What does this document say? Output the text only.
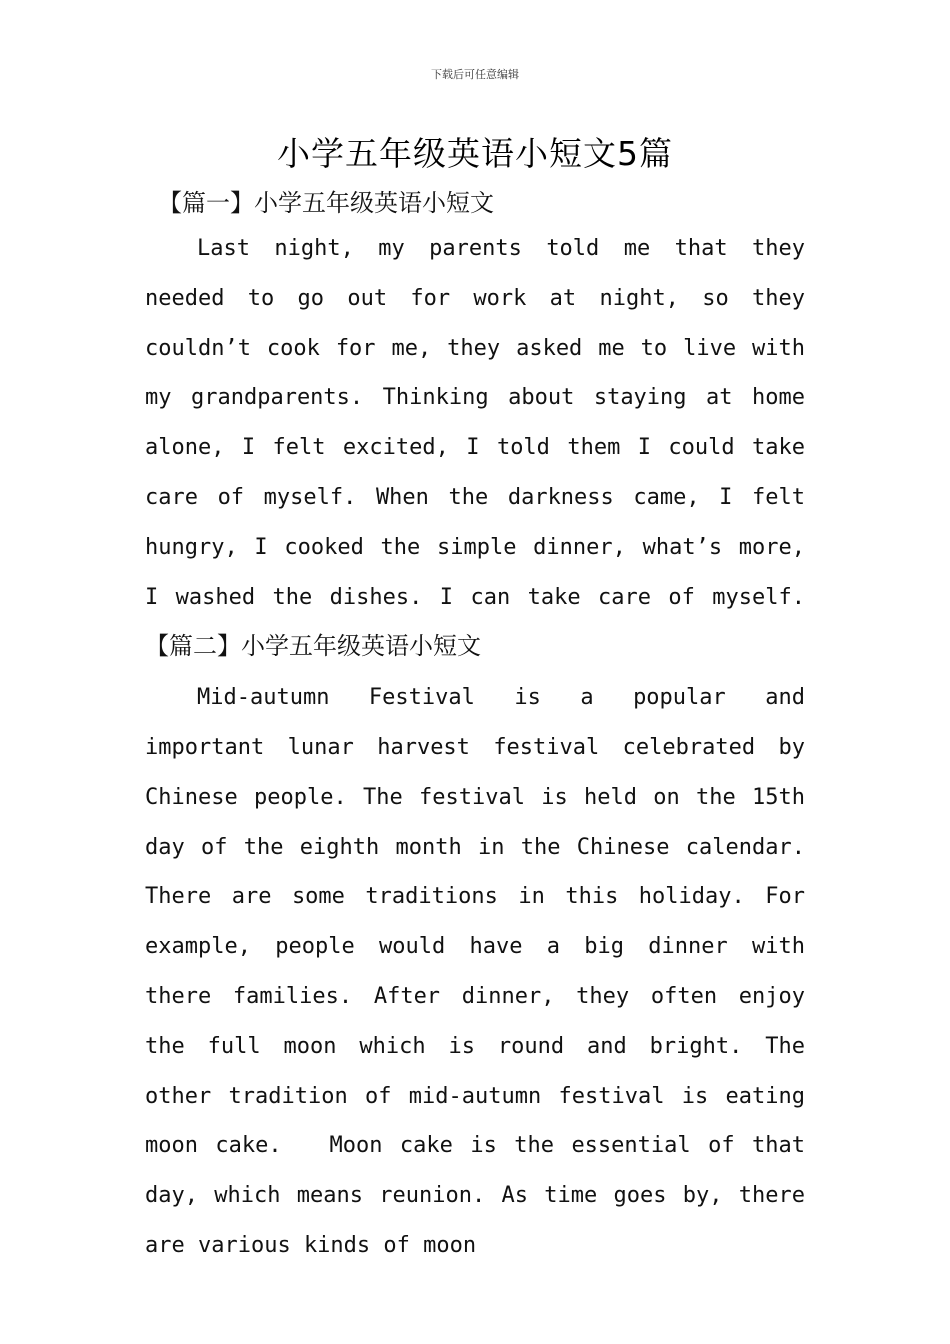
下载后可任意编辑
小学五年级英语小短文5篇
【篇一】小学五年级英语小短文

Last night, my parents told me that they needed to go out for work at night, so they couldn’t cook for me, they asked me to live with my grandparents. Thinking about staying at home alone, I felt excited, I told them I could take care of myself. When the darkness came, I felt hungry, I cooked the simple dinner, what’s more, I washed the dishes. I can take care of myself. 【篇二】小学五年级英语小短文

Mid-autumn Festival is a popular and important lunar harvest festival celebrated by Chinese people. The festival is held on the 15th day of the eighth month in the Chinese calendar.　 There are some traditions in this holiday. For example, people would have a big dinner with there families. After dinner, they often enjoy the full moon which is round and bright. The other tradition of mid-autumn festival is eating moon cake.　 Moon cake is the essential of that day, which means reunion. As time goes by, there are various kinds of moon
